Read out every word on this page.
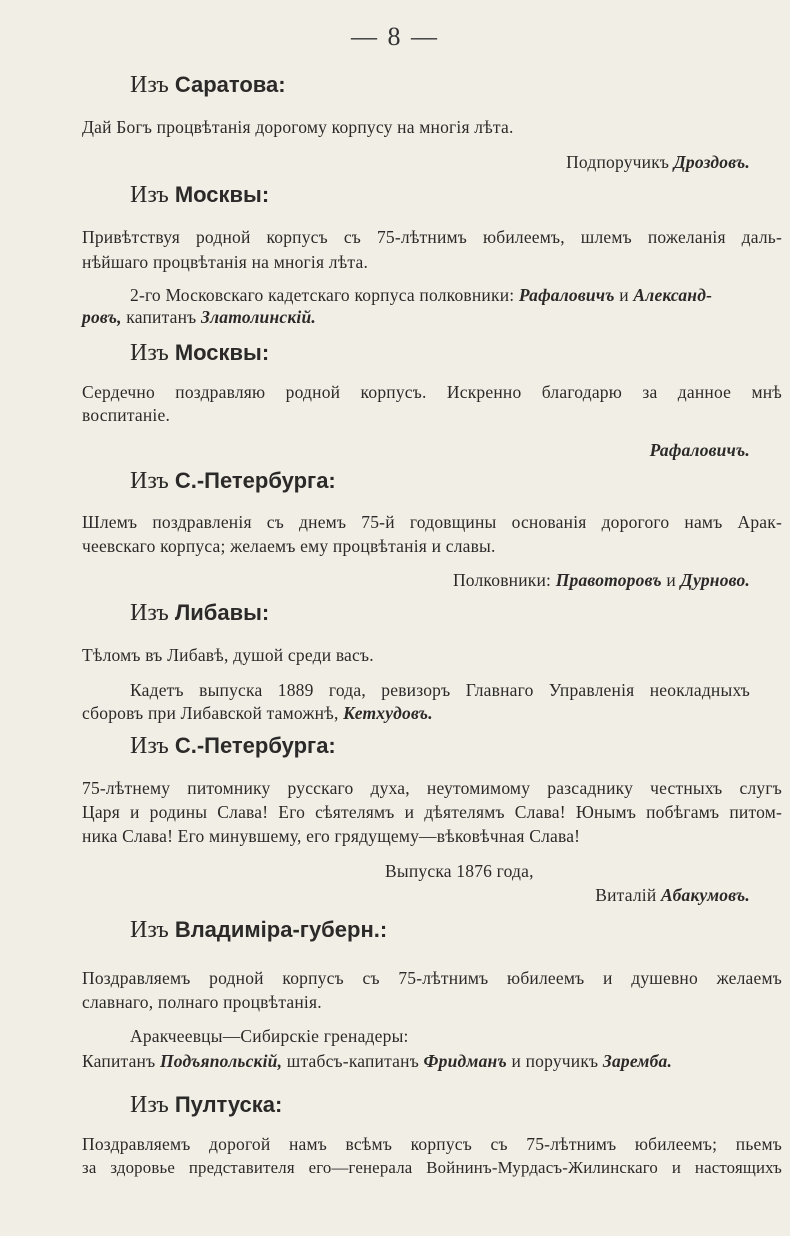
— 8 —
Изъ Саратова:
Дай Богъ процвѣтанія дорогому корпусу на многія лѣта.
Подпоручикъ Дроздовъ.
Изъ Москвы:
Привѣтствуя родной корпусъ съ 75-лѣтнимъ юбилеемъ, шлемъ пожеланія даль-
нѣйшаго процвѣтанія на многія лѣта.
2-го Московскаго кадетскаго корпуса полковники: Рафаловичъ и Александ-
ровъ, капитанъ Златолинскій.
Изъ Москвы:
Сердечно поздравляю родной корпусъ. Искренно благодарю за данное мнѣ
воспитаніе.
Рафаловичъ.
Изъ С.-Петербурга:
Шлемъ поздравленія съ днемъ 75-й годовщины основанія дорогого намъ Арак-
чеевскаго корпуса; желаемъ ему процвѣтанія и славы.
Полковники: Правоторовъ и Дурново.
Изъ Либавы:
Тѣломъ въ Либавѣ, душой среди васъ.
Кадетъ выпуска 1889 года, ревизоръ Главнаго Управленія неокладныхъ
сборовъ при Либавской таможнѣ, Кетхудовъ.
Изъ С.-Петербурга:
75-лѣтнему питомнику русскаго духа, неутомимому разсаднику честныхъ слугъ
Царя и родины Слава! Его сѣятелямъ и дѣятелямъ Слава! Юнымъ побѣгамъ питом-
ника Слава! Его минувшему, его грядущему—вѣковѣчная Слава!
Выпуска 1876 года,
Виталій Абакумовъ.
Изъ Владиміра-губерн.:
Поздравляемъ родной корпусъ съ 75-лѣтнимъ юбилеемъ и душевно желаемъ
славнаго, полнаго процвѣтанія.
Аракчеевцы—Сибирскіе гренадеры:
Капитанъ Подъяпольскій, штабсъ-капитанъ Фридманъ и поручикъ Заремба.
Изъ Пултуска:
Поздравляемъ дорогой намъ всѣмъ корпусъ съ 75-лѣтнимъ юбилеемъ; пьемъ
за здоровье представителя его—генерала Войнинъ-Мурдасъ-Жилинскаго и настоящихъ
